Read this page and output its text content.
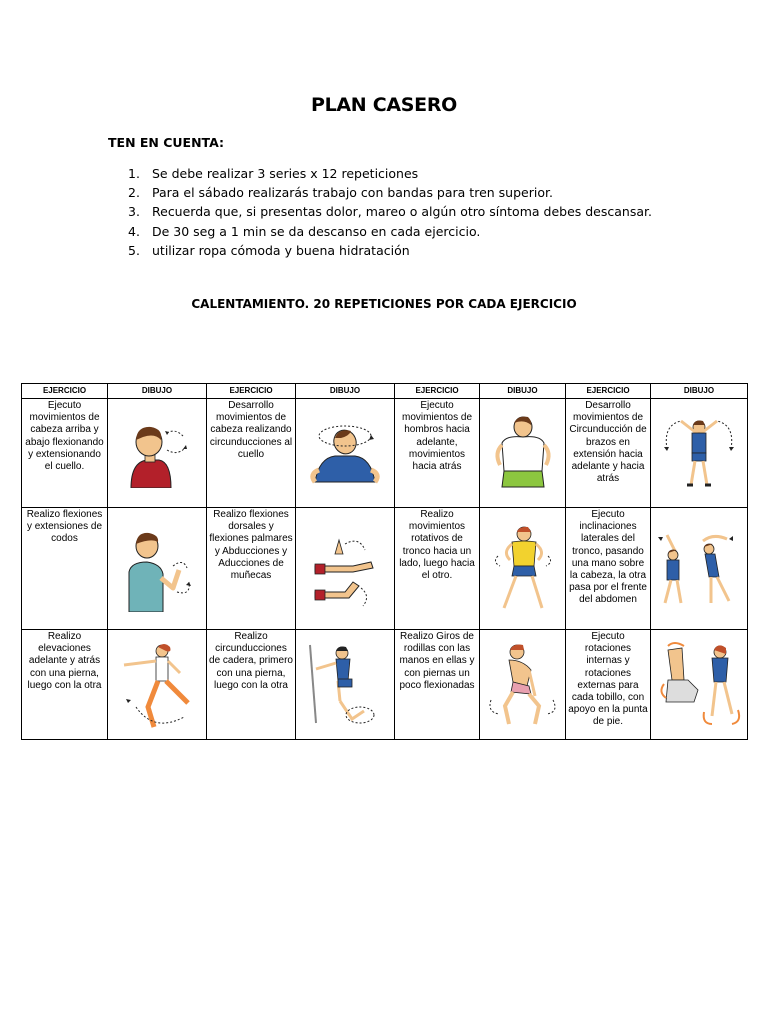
PLAN CASERO
TEN EN CUENTA:
1. Se debe realizar 3 series x 12 repeticiones
2. Para el sábado realizarás trabajo con bandas para tren superior.
3. Recuerda que, si presentas dolor, mareo o algún otro síntoma debes descansar.
4. De 30 seg a 1 min se da descanso en cada ejercicio.
5. utilizar ropa cómoda y buena hidratación
CALENTAMIENTO. 20 REPETICIONES POR CADA EJERCICIO
EJERCICIO	DIBUJO	EJERCICIO	DIBUJO	EJERCICIO	DIBUJO	EJERCICIO	DIBUJO
Ejecuto movimientos de cabeza arriba y abajo flexionando y extensionando el cuello.		Desarrollo movimientos de cabeza realizando circunducciones al cuello		Ejecuto movimientos de hombros hacia adelante, movimientos hacia atrás		Desarrollo movimientos de Circunducción de brazos en extensión hacia adelante y hacia atrás	

Realizo flexiones y extensiones de codos		Realizo flexiones dorsales y flexiones palmares y Abducciones y Aducciones de muñecas		Realizo movimientos rotativos de tronco hacia un lado, luego hacia el otro.		Ejecuto inclinaciones laterales del tronco, pasando una mano sobre la cabeza, la otra pasa por el frente del abdomen	

Realizo elevaciones adelante y atrás con una pierna, luego con la otra		Realizo circunducciones de cadera, primero con una pierna, luego con la otra		Realizo Giros de rodillas con las manos en ellas y con piernas un poco flexionadas		Ejecuto rotaciones internas y rotaciones externas para cada tobillo, con apoyo en la punta de pie.	
